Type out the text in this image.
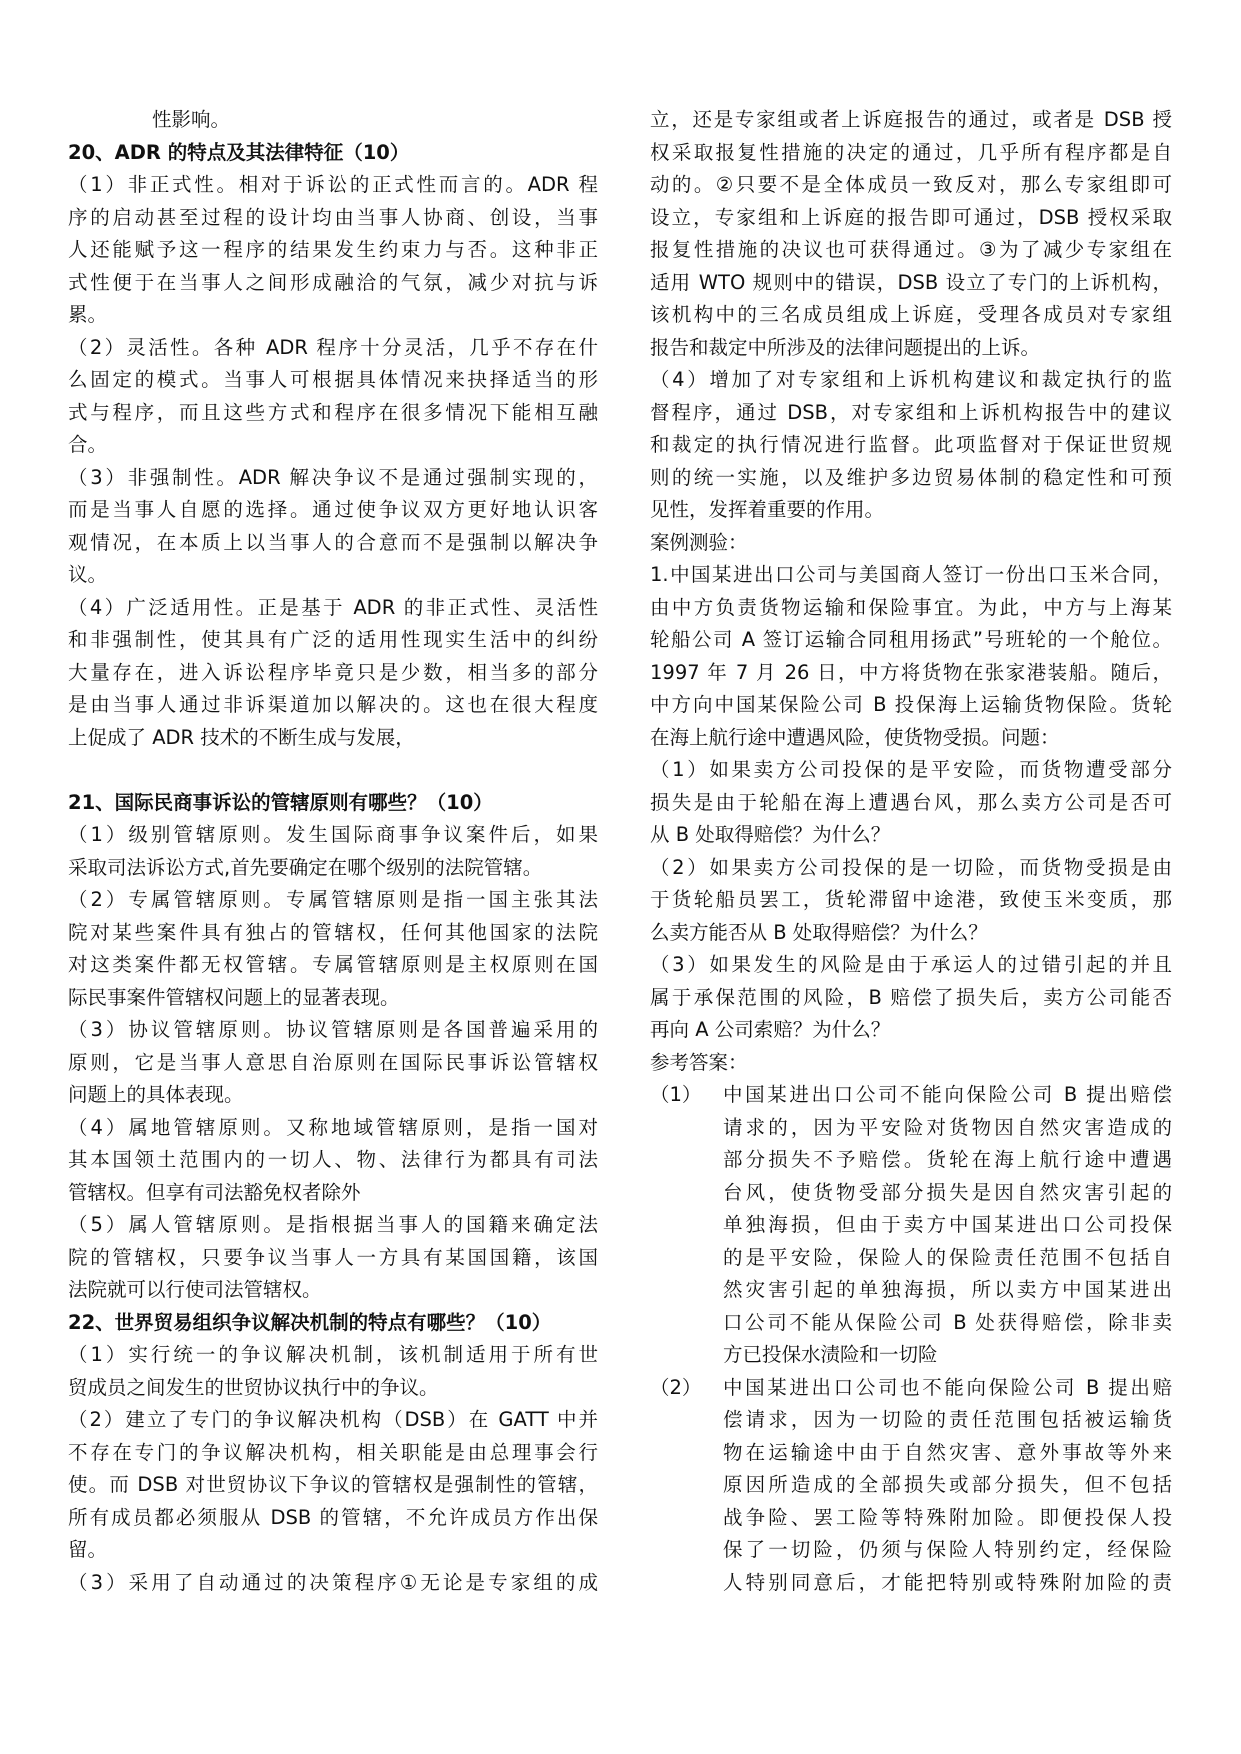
性影响。
20、ADR 的特点及其法律特征（10）
（1）非正式性。相对于诉讼的正式性而言的。ADR 程
序的启动甚至过程的设计均由当事人协商、创设，当事
人还能赋予这一程序的结果发生约束力与否。这种非正
式性便于在当事人之间形成融洽的气氛，减少对抗与诉
累。
（2）灵活性。各种 ADR 程序十分灵活，几乎不存在什
么固定的模式。当事人可根据具体情况来抉择适当的形
式与程序，而且这些方式和程序在很多情况下能相互融
合。
（3）非强制性。ADR 解决争议不是通过强制实现的，
而是当事人自愿的选择。通过使争议双方更好地认识客
观情况，在本质上以当事人的合意而不是强制以解决争
议。
（4）广泛适用性。正是基于 ADR 的非正式性、灵活性
和非强制性，使其具有广泛的适用性现实生活中的纠纷
大量存在，进入诉讼程序毕竟只是少数，相当多的部分
是由当事人通过非诉渠道加以解决的。这也在很大程度
上促成了 ADR 技术的不断生成与发展，
21、国际民商事诉讼的管辖原则有哪些？（10）
（1）级别管辖原则。发生国际商事争议案件后，如果
采取司法诉讼方式,首先要确定在哪个级别的法院管辖。
（2）专属管辖原则。专属管辖原则是指一国主张其法
院对某些案件具有独占的管辖权，任何其他国家的法院
对这类案件都无权管辖。专属管辖原则是主权原则在国
际民事案件管辖权问题上的显著表现。
（3）协议管辖原则。协议管辖原则是各国普遍采用的
原则，它是当事人意思自治原则在国际民事诉讼管辖权
问题上的具体表现。
（4）属地管辖原则。又称地域管辖原则，是指一国对
其本国领土范围内的一切人、物、法律行为都具有司法
管辖权。但享有司法豁免权者除外
（5）属人管辖原则。是指根据当事人的国籍来确定法
院的管辖权，只要争议当事人一方具有某国国籍，该国
法院就可以行使司法管辖权。
22、世界贸易组织争议解决机制的特点有哪些？（10）
（1）实行统一的争议解决机制，该机制适用于所有世
贸成员之间发生的世贸协议执行中的争议。
（2）建立了专门的争议解决机构（DSB）在 GATT 中并
不存在专门的争议解决机构，相关职能是由总理事会行
使。而 DSB 对世贸协议下争议的管辖权是强制性的管辖，
所有成员都必须服从 DSB 的管辖，不允许成员方作出保
留。
（3）采用了自动通过的决策程序①无论是专家组的成
立，还是专家组或者上诉庭报告的通过，或者是 DSB 授
权采取报复性措施的决定的通过，几乎所有程序都是自
动的。②只要不是全体成员一致反对，那么专家组即可
设立，专家组和上诉庭的报告即可通过，DSB 授权采取
报复性措施的决议也可获得通过。③为了减少专家组在
适用 WTO 规则中的错误，DSB 设立了专门的上诉机构，
该机构中的三名成员组成上诉庭，受理各成员对专家组
报告和裁定中所涉及的法律问题提出的上诉。
（4）增加了对专家组和上诉机构建议和裁定执行的监
督程序，通过 DSB，对专家组和上诉机构报告中的建议
和裁定的执行情况进行监督。此项监督对于保证世贸规
则的统一实施，以及维护多边贸易体制的稳定性和可预
见性，发挥着重要的作用。
案例测验：
1.中国某进出口公司与美国商人签订一份出口玉米合同，
由中方负责货物运输和保险事宜。为此，中方与上海某
轮船公司 A 签订运输合同租用扬武”号班轮的一个舱位。
1997 年 7 月 26 日，中方将货物在张家港装船。随后，
中方向中国某保险公司 B 投保海上运输货物保险。货轮
在海上航行途中遭遇风险，使货物受损。问题：
（1）如果卖方公司投保的是平安险，而货物遭受部分
损失是由于轮船在海上遭遇台风，那么卖方公司是否可
从 B 处取得赔偿？为什么？
（2）如果卖方公司投保的是一切险，而货物受损是由
于货轮船员罢工，货轮滞留中途港，致使玉米变质，那
么卖方能否从 B 处取得赔偿？为什么？
（3）如果发生的风险是由于承运人的过错引起的并且
属于承保范围的风险，B 赔偿了损失后，卖方公司能否
再向 A 公司索赔？为什么？
参考答案：
（1）	中国某进出口公司不能向保险公司 B 提出赔偿
请求的，因为平安险对货物因自然灾害造成的
部分损失不予赔偿。货轮在海上航行途中遭遇
台风，使货物受部分损失是因自然灾害引起的
单独海损，但由于卖方中国某进出口公司投保
的是平安险，保险人的保险责任范围不包括自
然灾害引起的单独海损，所以卖方中国某进出
口公司不能从保险公司 B 处获得赔偿，除非卖
方已投保水渍险和一切险
（2）	中国某进出口公司也不能向保险公司 B 提出赔
偿请求，因为一切险的责任范围包括被运输货
物在运输途中由于自然灾害、意外事故等外来
原因所造成的全部损失或部分损失，但不包括
战争险、罢工险等特殊附加险。即便投保人投
保了一切险，仍须与保险人特别约定，经保险
人特别同意后，才能把特别或特殊附加险的责
